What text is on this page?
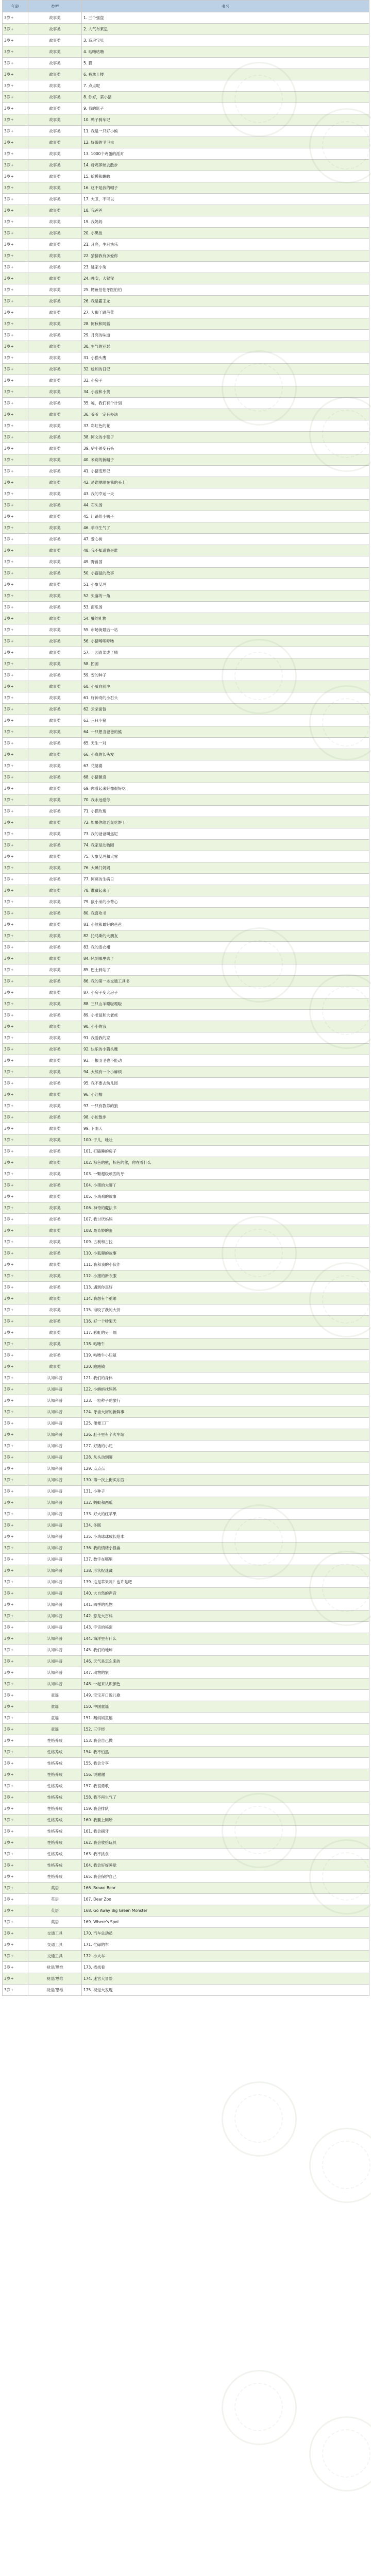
年龄	类型	书名
3岁+	故事类	1. 三个强盗
3岁+	故事类	2. 人气布莱思
3岁+	故事类	3. 造房宝贝
3岁+	故事类	4. 咕噜咕噜
3岁+	故事类	5. 猫
3岁+	故事类	6. 被拿上楼
3岁+	故事类	7. 点点呢
3岁+	故事类	8. 你好，菜小猪
3岁+	故事类	9. 我的影子
3岁+	故事类	10. 鸭子骑车记
3岁+	故事类	11. 我是一只好小熊
3岁+	故事类	12. 好饿的毛毛虫
3岁+	故事类	13. 1000个鸡蛋的派对
3岁+	故事类	14. 母鸡萝丝去散步
3岁+	故事类	15. 蛤蟆和蟾蜍
3岁+	故事类	16. 这不是我的帽子
3岁+	故事类	17. 大卫，不可以
3岁+	故事类	18. 我爸爸
3岁+	故事类	19. 我妈妈
3岁+	故事类	20. 小黑鱼
3岁+	故事类	21. 月亮，生日快乐
3岁+	故事类	22. 猜猜我有多爱你
3岁+	故事类	23. 逃家小兔
3岁+	故事类	24. 晚安，大猩猩
3岁+	故事类	25. 鳄鱼怕怕牙医怕怕
3岁+	故事类	26. 我是霸王龙
3岁+	故事类	27. 大脚丫跳芭蕾
3岁+	故事类	28. 阿秋和阿狐
3岁+	故事类	29. 月亮的味道
3岁+	故事类	30. 生气的亚瑟
3岁+	故事类	31. 小猫头鹰
3岁+	故事类	32. 蚯蚓的日记
3岁+	故事类	33. 小房子
3岁+	故事类	34. 小蓝和小黄
3岁+	故事类	35. 嘘，我们有个计划
3岁+	故事类	36. 爷爷一定有办法
3岁+	故事类	37. 彩虹色的花
3岁+	故事类	38. 阿文的小毯子
3岁+	故事类	39. 驴小弟变石头
3岁+	故事类	40. 米莉的新帽子
3岁+	故事类	41. 小猪变形记
3岁+	故事类	42. 是谁嗯嗯在我的头上
3岁+	故事类	43. 我的幸运一天
3岁+	故事类	44. 石头汤
3岁+	故事类	45. 让路给小鸭子
3岁+	故事类	46. 菲菲生气了
3岁+	故事类	47. 爱心树
3岁+	故事类	48. 我不知道我是谁
3岁+	故事类	49. 野兽国
3岁+	故事类	50. 小鼹鼠的故事
3岁+	故事类	51. 小象艾玛
3岁+	故事类	52. 失落的一角
3岁+	故事类	53. 南瓜汤
3岁+	故事类	54. 獾的礼物
3岁+	故事类	55. 市场街最后一站
3岁+	故事类	56. 小猪唏哩呼噜
3岁+	故事类	57. 一园青菜成了精
3岁+	故事类	58. 团圆
3岁+	故事类	59. 安的种子
3岁+	故事类	60. 小威向前冲
3岁+	故事类	61. 好神奇的小石头
3岁+	故事类	62. 云朵面包
3岁+	故事类	63. 三只小猪
3岁+	故事类	64. 一只想当爸爸的熊
3岁+	故事类	65. 天生一对
3岁+	故事类	66. 小真的长头发
3岁+	故事类	67. 花婆婆
3岁+	故事类	68. 小猪佩奇
3岁+	故事类	69. 你看起来好像很好吃
3岁+	故事类	70. 我永远爱你
3岁+	故事类	71. 小猫玫瑰
3岁+	故事类	72. 如果你给老鼠吃饼干
3岁+	故事类	73. 我的爸爸叫焦尼
3岁+	故事类	74. 我家是动物园
3岁+	故事类	75. 大象艾玛和大雪
3岁+	故事类	76. 大嗓门妈妈
3岁+	故事类	77. 阿莫的生病日
3岁+	故事类	78. 谁藏起来了
3岁+	故事类	79. 鼠小弟的小背心
3岁+	故事类	80. 我喜欢书
3岁+	故事类	81. 小熊和最好的爸爸
3岁+	故事类	82. 托马斯的大朋友
3岁+	故事类	83. 我的连衣裙
3岁+	故事类	84. 风到哪里去了
3岁+	故事类	85. 巴士到站了
3岁+	故事类	86. 我的第一本交通工具书
3岁+	故事类	87. 小房子变大房子
3岁+	故事类	88. 三只山羊嘎啦嘎啦
3岁+	故事类	89. 小老鼠和大老虎
3岁+	故事类	90. 小小的我
3岁+	故事类	91. 我爱我的家
3岁+	故事类	92. 快乐的小猫头鹰
3岁+	故事类	93. 一根羽毛也不能动
3岁+	故事类	94. 大熊有一个小麻烦
3岁+	故事类	95. 我不要去幼儿园
3岁+	故事类	96. 小红帽
3岁+	故事类	97. 一只有教养的狼
3岁+	故事类	98. 小蛇散步
3岁+	故事类	99. 下雨天
3岁+	故事类	100. 子儿，吐吐
3岁+	故事类	101. 打瞌睡的房子
3岁+	故事类	102. 棕色的熊，棕色的熊，你在看什么
3岁+	故事类	103. 一颗超级顽固的牙
3岁+	故事类	104. 小猪的大脚丫
3岁+	故事类	105. 小鸡鸡的故事
3岁+	故事类	106. 神奇的魔法书
3岁+	故事类	107. 我讨厌妈妈
3岁+	故事类	108. 最奇妙的蛋
3岁+	故事类	109. 古利和古拉
3岁+	故事类	110. 小狐狸的故事
3岁+	故事类	111. 我和我的小伙伴
3岁+	故事类	112. 小猪的新衣服
3岁+	故事类	113. 遇到你真好
3岁+	故事类	114. 我想有个弟弟
3岁+	故事类	115. 谁咬了我的大饼
3岁+	故事类	116. 好一个吵架天
3岁+	故事类	117. 彩虹的另一端
3岁+	故事类	118. 咕噜牛
3岁+	故事类	119. 咕噜牛小妞妞
3岁+	故事类	120. 跑跑镇
3岁+	认知科普	121. 我们的身体
3岁+	认知科普	122. 小蝌蚪找妈妈
3岁+	认知科普	123. 一粒种子的旅行
3岁+	认知科普	124. 牙齿大街的新鲜事
3岁+	认知科普	125. 便便工厂
3岁+	认知科普	126. 肚子里有个火车站
3岁+	认知科普	127. 好饿的小蛇
3岁+	认知科普	128. 从头动到脚
3岁+	认知科普	129. 点点点
3岁+	认知科普	130. 第一次上街买东西
3岁+	认知科普	131. 小种子
3岁+	认知科普	132. 蚂蚁和西瓜
3岁+	认知科普	133. 好大的红苹果
3岁+	认知科普	134. 冬眠
3岁+	认知科普	135. 小鸡球球成长绘本
3岁+	认知科普	136. 我的情绪小怪兽
3岁+	认知科普	137. 数字在哪里
3岁+	认知科普	138. 形状捉迷藏
3岁+	认知科普	139. 这是苹果吗？也许是吧
3岁+	认知科普	140. 大自然的声音
3岁+	认知科普	141. 四季的礼物
3岁+	认知科普	142. 恐龙大百科
3岁+	认知科普	143. 宇宙的秘密
3岁+	认知科普	144. 海洋里有什么
3岁+	认知科普	145. 我们的地球
3岁+	认知科普	146. 天气是怎么来的
3岁+	认知科普	147. 动物的家
3岁+	认知科普	148. 一起来认识颜色
3岁+	童谣	149. 宝宝开口说儿歌
3岁+	童谣	150. 中国童谣
3岁+	童谣	151. 鹅妈妈童谣
3岁+	童谣	152. 三字经
3岁+	性格养成	153. 我会自己做
3岁+	性格养成	154. 我不怕黑
3岁+	性格养成	155. 我会分享
3岁+	性格养成	156. 说谢谢
3岁+	性格养成	157. 我很勇敢
3岁+	性格养成	158. 我不再生气了
3岁+	性格养成	159. 我会排队
3岁+	性格养成	160. 我要上厕所
3岁+	性格养成	161. 我会刷牙
3岁+	性格养成	162. 我会收拾玩具
3岁+	性格养成	163. 我不挑食
3岁+	性格养成	164. 我会好好睡觉
3岁+	性格养成	165. 我会保护自己
3岁+	英语	166. Brown Bear
3岁+	英语	167. Dear Zoo
3岁+	英语	168. Go Away Big Green Monster
3岁+	英语	169. Where's Spot
3岁+	交通工具	170. 汽车总动员
3岁+	交通工具	171. 忙碌的车
3岁+	交通工具	172. 小火车
3岁+	视觉/思维	173. 找找看
3岁+	视觉/思维	174. 迷宫大冒险
3岁+	视觉/思维	175. 视觉大发现
